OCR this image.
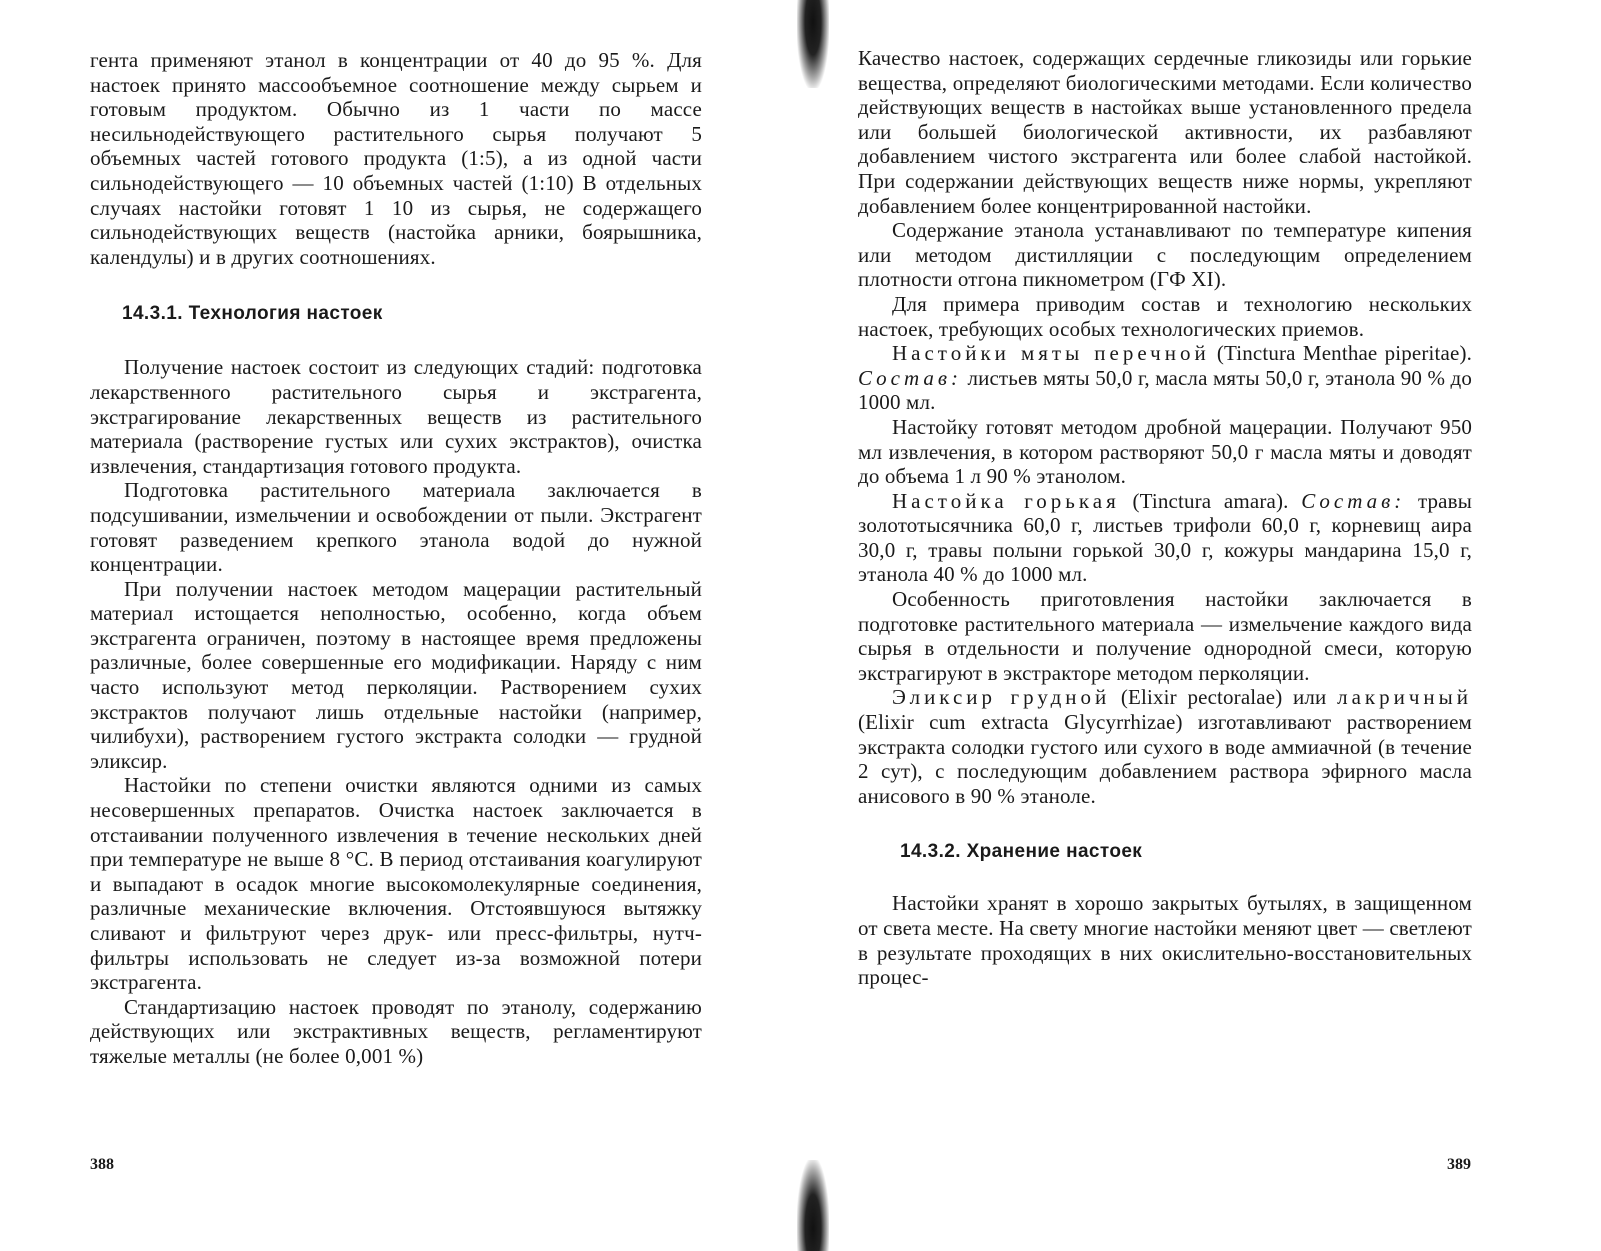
гента применяют этанол в концентрации от 40 до 95 %. Для настоек принято массообъемное соотношение между сырьем и готовым продуктом. Обычно из 1 части по массе несильнодействующего растительного сырья получают 5 объемных частей готового продукта (1:5), а из одной части сильнодействующего — 10 объемных частей (1:10) В отдельных случаях настойки готовят 1 10 из сырья, не содержащего сильнодействующих веществ (настойка арники, боярышника, календулы) и в других соотношениях.

14.3.1. Технология настоек

Получение настоек состоит из следующих стадий: подготовка лекарственного растительного сырья и экстрагента, экстрагирование лекарственных веществ из растительного материала (растворение густых или сухих экстрактов), очистка извлечения, стандартизация готового продукта.

Подготовка растительного материала заключается в подсушивании, измельчении и освобождении от пыли. Экстрагент готовят разведением крепкого этанола водой до нужной концентрации.

При получении настоек методом мацерации растительный материал истощается неполностью, особенно, когда объем экстрагента ограничен, поэтому в настоящее время предложены различные, более совершенные его модификации. Наряду с ним часто используют метод перколяции. Растворением сухих экстрактов получают лишь отдельные настойки (например, чилибухи), растворением густого экстракта солодки — грудной эликсир.

Настойки по степени очистки являются одними из самых несовершенных препаратов. Очистка настоек заключается в отстаивании полученного извлечения в течение нескольких дней при температуре не выше 8 °С. В период отстаивания коагулируют и выпадают в осадок многие высокомолекулярные соединения, различные механические включения. Отстоявшуюся вытяжку сливают и фильтруют через друк- или пресс-фильтры, нутч-фильтры использовать не следует из-за возможной потери экстрагента.

Стандартизацию настоек проводят по этанолу, содержанию действующих или экстрактивных веществ, регламентируют тяжелые металлы (не более 0,001 %)

388

Качество настоек, содержащих сердечные гликозиды или горькие вещества, определяют биологическими методами. Если количество действующих веществ в настойках выше установленного предела или большей биологической активности, их разбавляют добавлением чистого экстрагента или более слабой настойкой. При содержании действующих веществ ниже нормы, укрепляют добавлением более концентрированной настойки.

Содержание этанола устанавливают по температуре кипения или методом дистилляции с последующим определением плотности отгона пикнометром (ГФ XI).

Для примера приводим состав и технологию нескольких настоек, требующих особых технологических приемов.

Настойки мяты перечной (Tinctura Menthae piperitae). Состав: листьев мяты 50,0 г, масла мяты 50,0 г, этанола 90 % до 1000 мл.

Настойку готовят методом дробной мацерации. Получают 950 мл извлечения, в котором растворяют 50,0 г масла мяты и доводят до объема 1 л 90 % этанолом.

Настойка горькая (Tinctura amara). Состав: травы золототысячника 60,0 г, листьев трифоли 60,0 г, корневищ аира 30,0 г, травы полыни горькой 30,0 г, кожуры мандарина 15,0 г, этанола 40 % до 1000 мл.

Особенность приготовления настойки заключается в подготовке растительного материала — измельчение каждого вида сырья в отдельности и получение однородной смеси, которую экстрагируют в экстракторе методом перколяции.

Эликсир грудной (Elixir pectoralae) или лакричный (Elixir cum extracta Glycyrrhizae) изготавливают растворением экстракта солодки густого или сухого в воде аммиачной (в течение 2 сут), с последующим добавлением раствора эфирного масла анисового в 90 % этаноле.

14.3.2. Хранение настоек

Настойки хранят в хорошо закрытых бутылях, в защищенном от света месте. На свету многие настойки меняют цвет — светлеют в результате проходящих в них окислительно-восстановительных процес-

389
